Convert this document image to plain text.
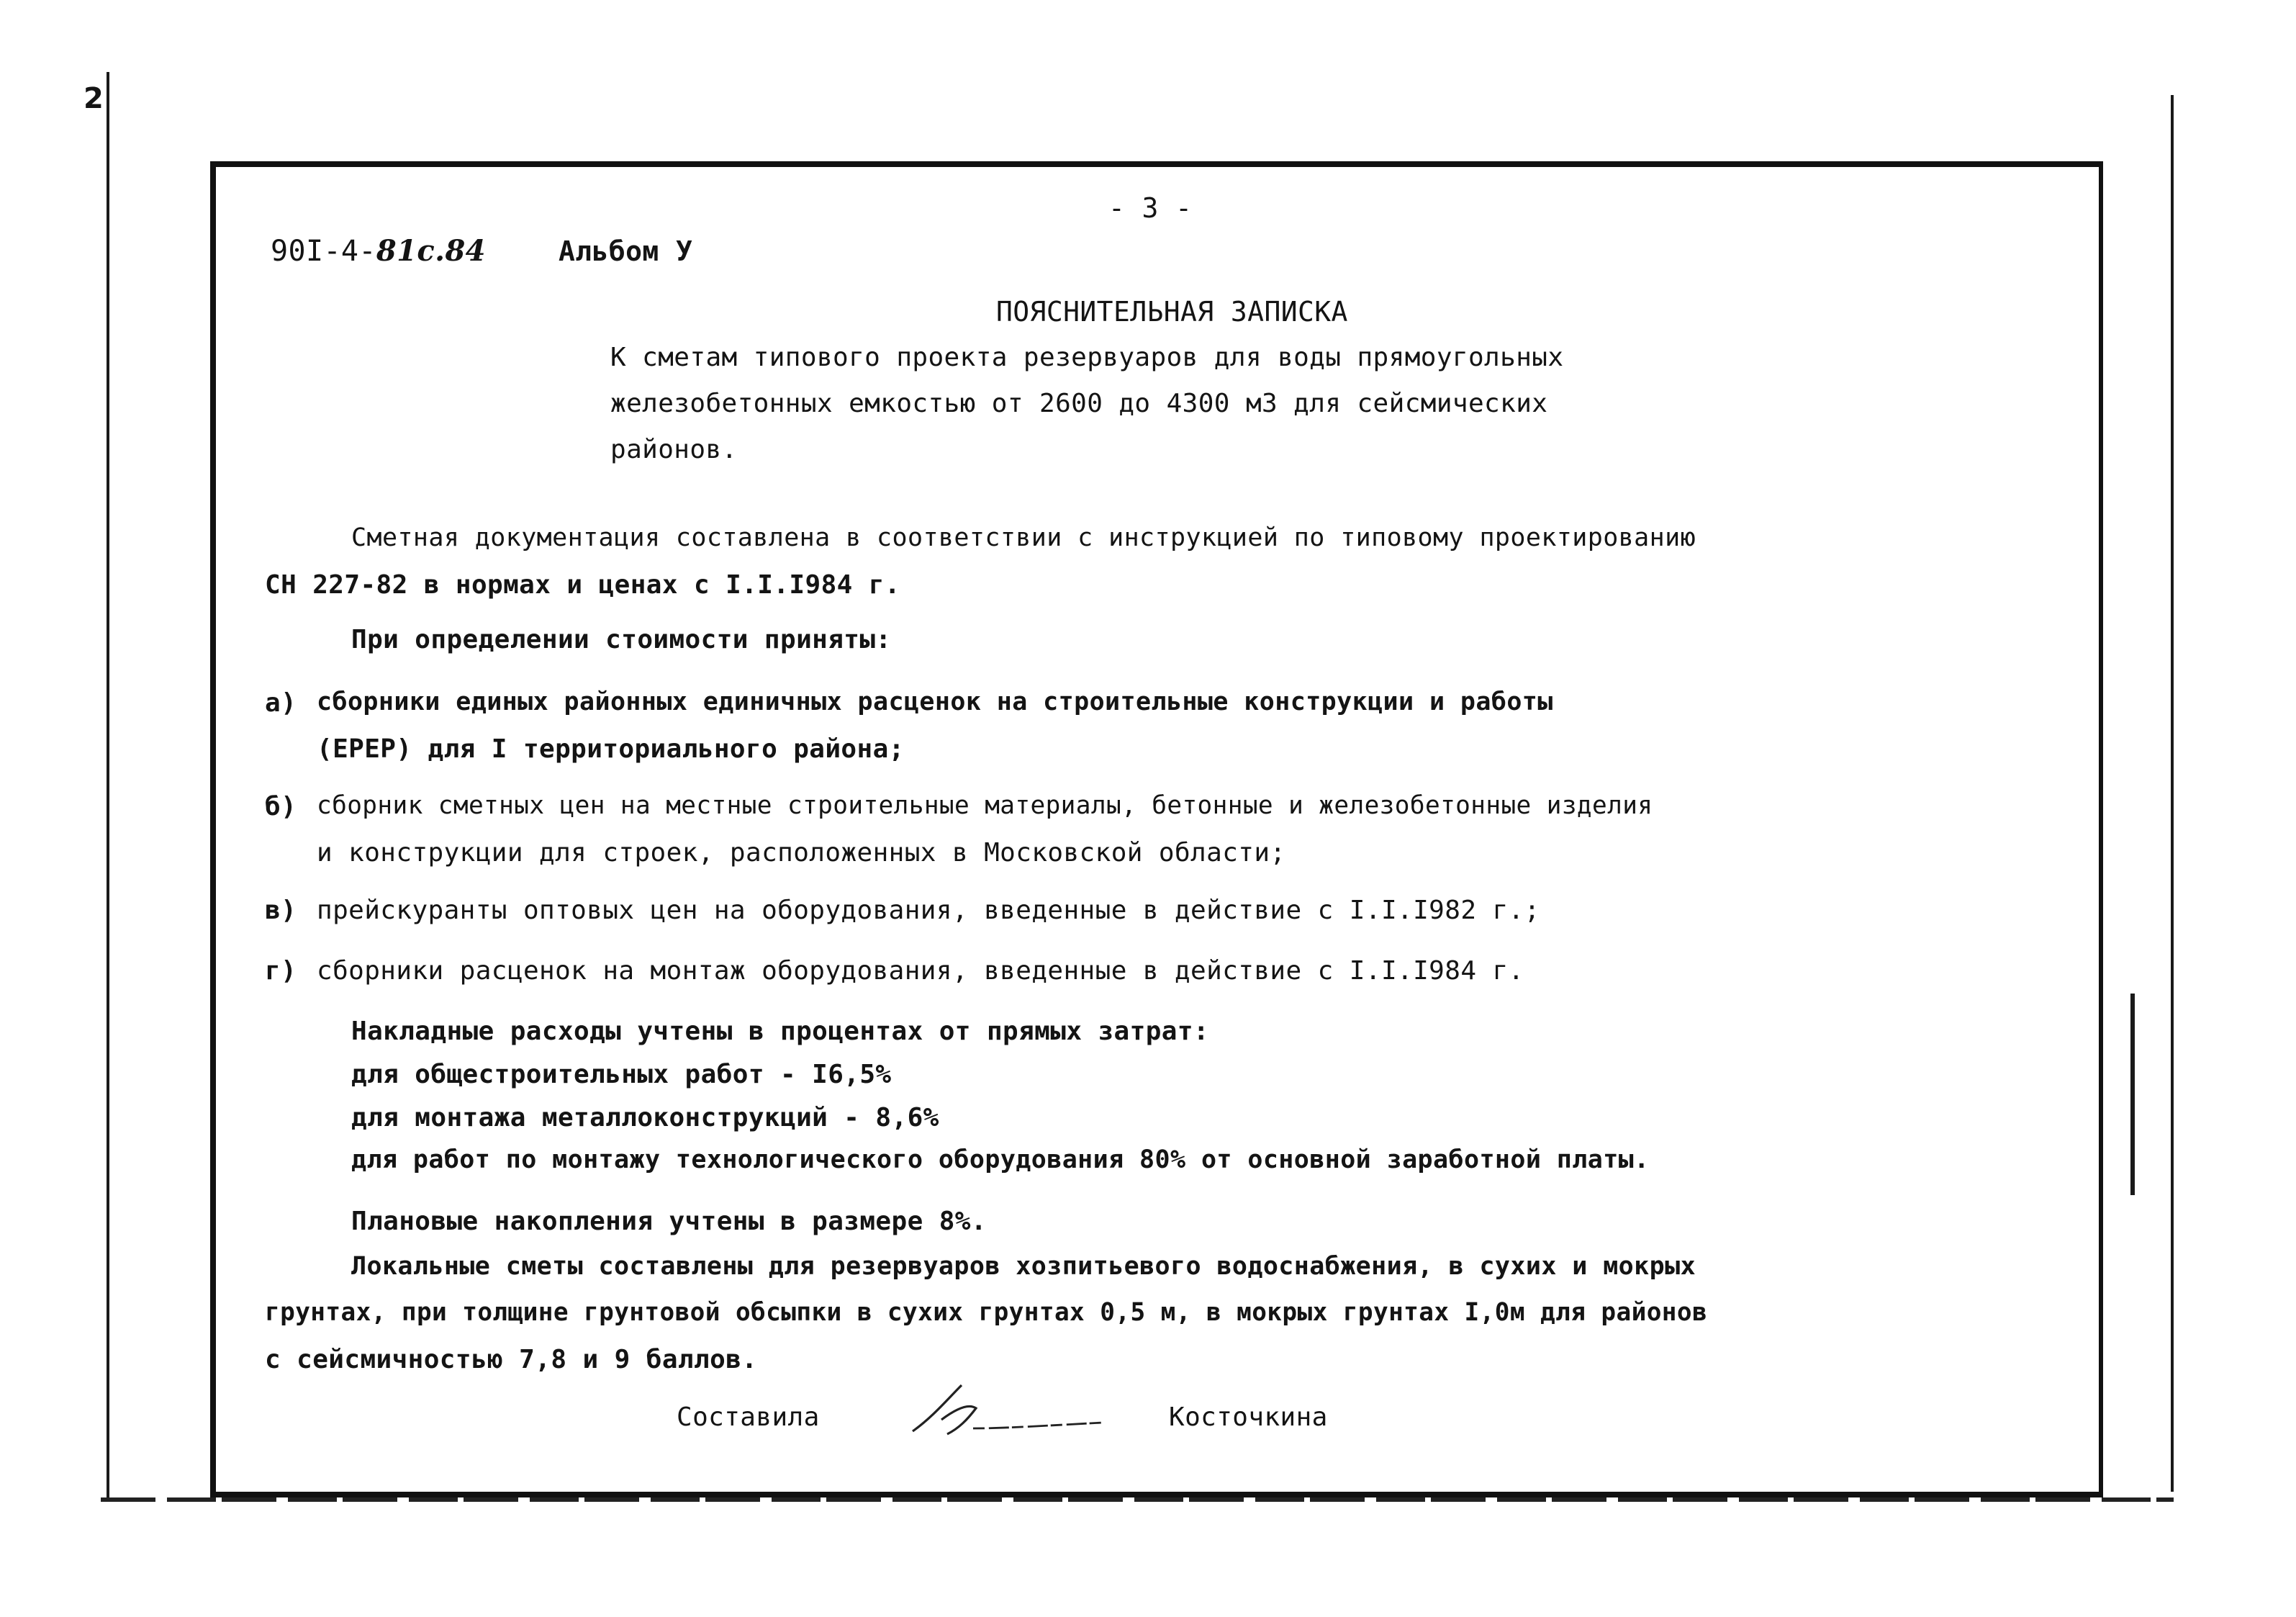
2
- 3 -
90I-4-81с.84	Альбом У
ПОЯСНИТЕЛЬНАЯ ЗАПИСКА
К сметам типового проекта резервуаров для воды прямоугольных
железобетонных емкостью от 2600 до 4300 м3 для сейсмических
районов.
Сметная документация составлена в соответствии с инструкцией по типовому проектированию
СН 227-82 в нормах и ценах с I.I.I984 г.
При определении стоимости приняты:
а) сборники единых районных единичных расценок на строительные конструкции и работы
(ЕРЕР) для I территориального района;
б) сборник сметных цен на местные строительные материалы, бетонные и железобетонные изделия
и конструкции для строек, расположенных в Московской области;
в) прейскуранты оптовых цен на оборудования, введенные в действие с I.I.I982 г.;
г) сборники расценок на монтаж оборудования, введенные в действие с I.I.I984 г.
Накладные расходы учтены в процентах от прямых затрат:
для общестроительных работ - I6,5%
для монтажа металлоконструкций - 8,6%
для работ по монтажу технологического оборудования 80% от основной заработной платы.
Плановые накопления учтены в размере 8%.
Локальные сметы составлены для резервуаров хозпитьевого водоснабжения, в сухих и мокрых
грунтах, при толщине грунтовой обсыпки в сухих грунтах 0,5 м, в мокрых грунтах I,0м для районов
с сейсмичностью 7,8 и 9 баллов.
Составила	Косточкина
